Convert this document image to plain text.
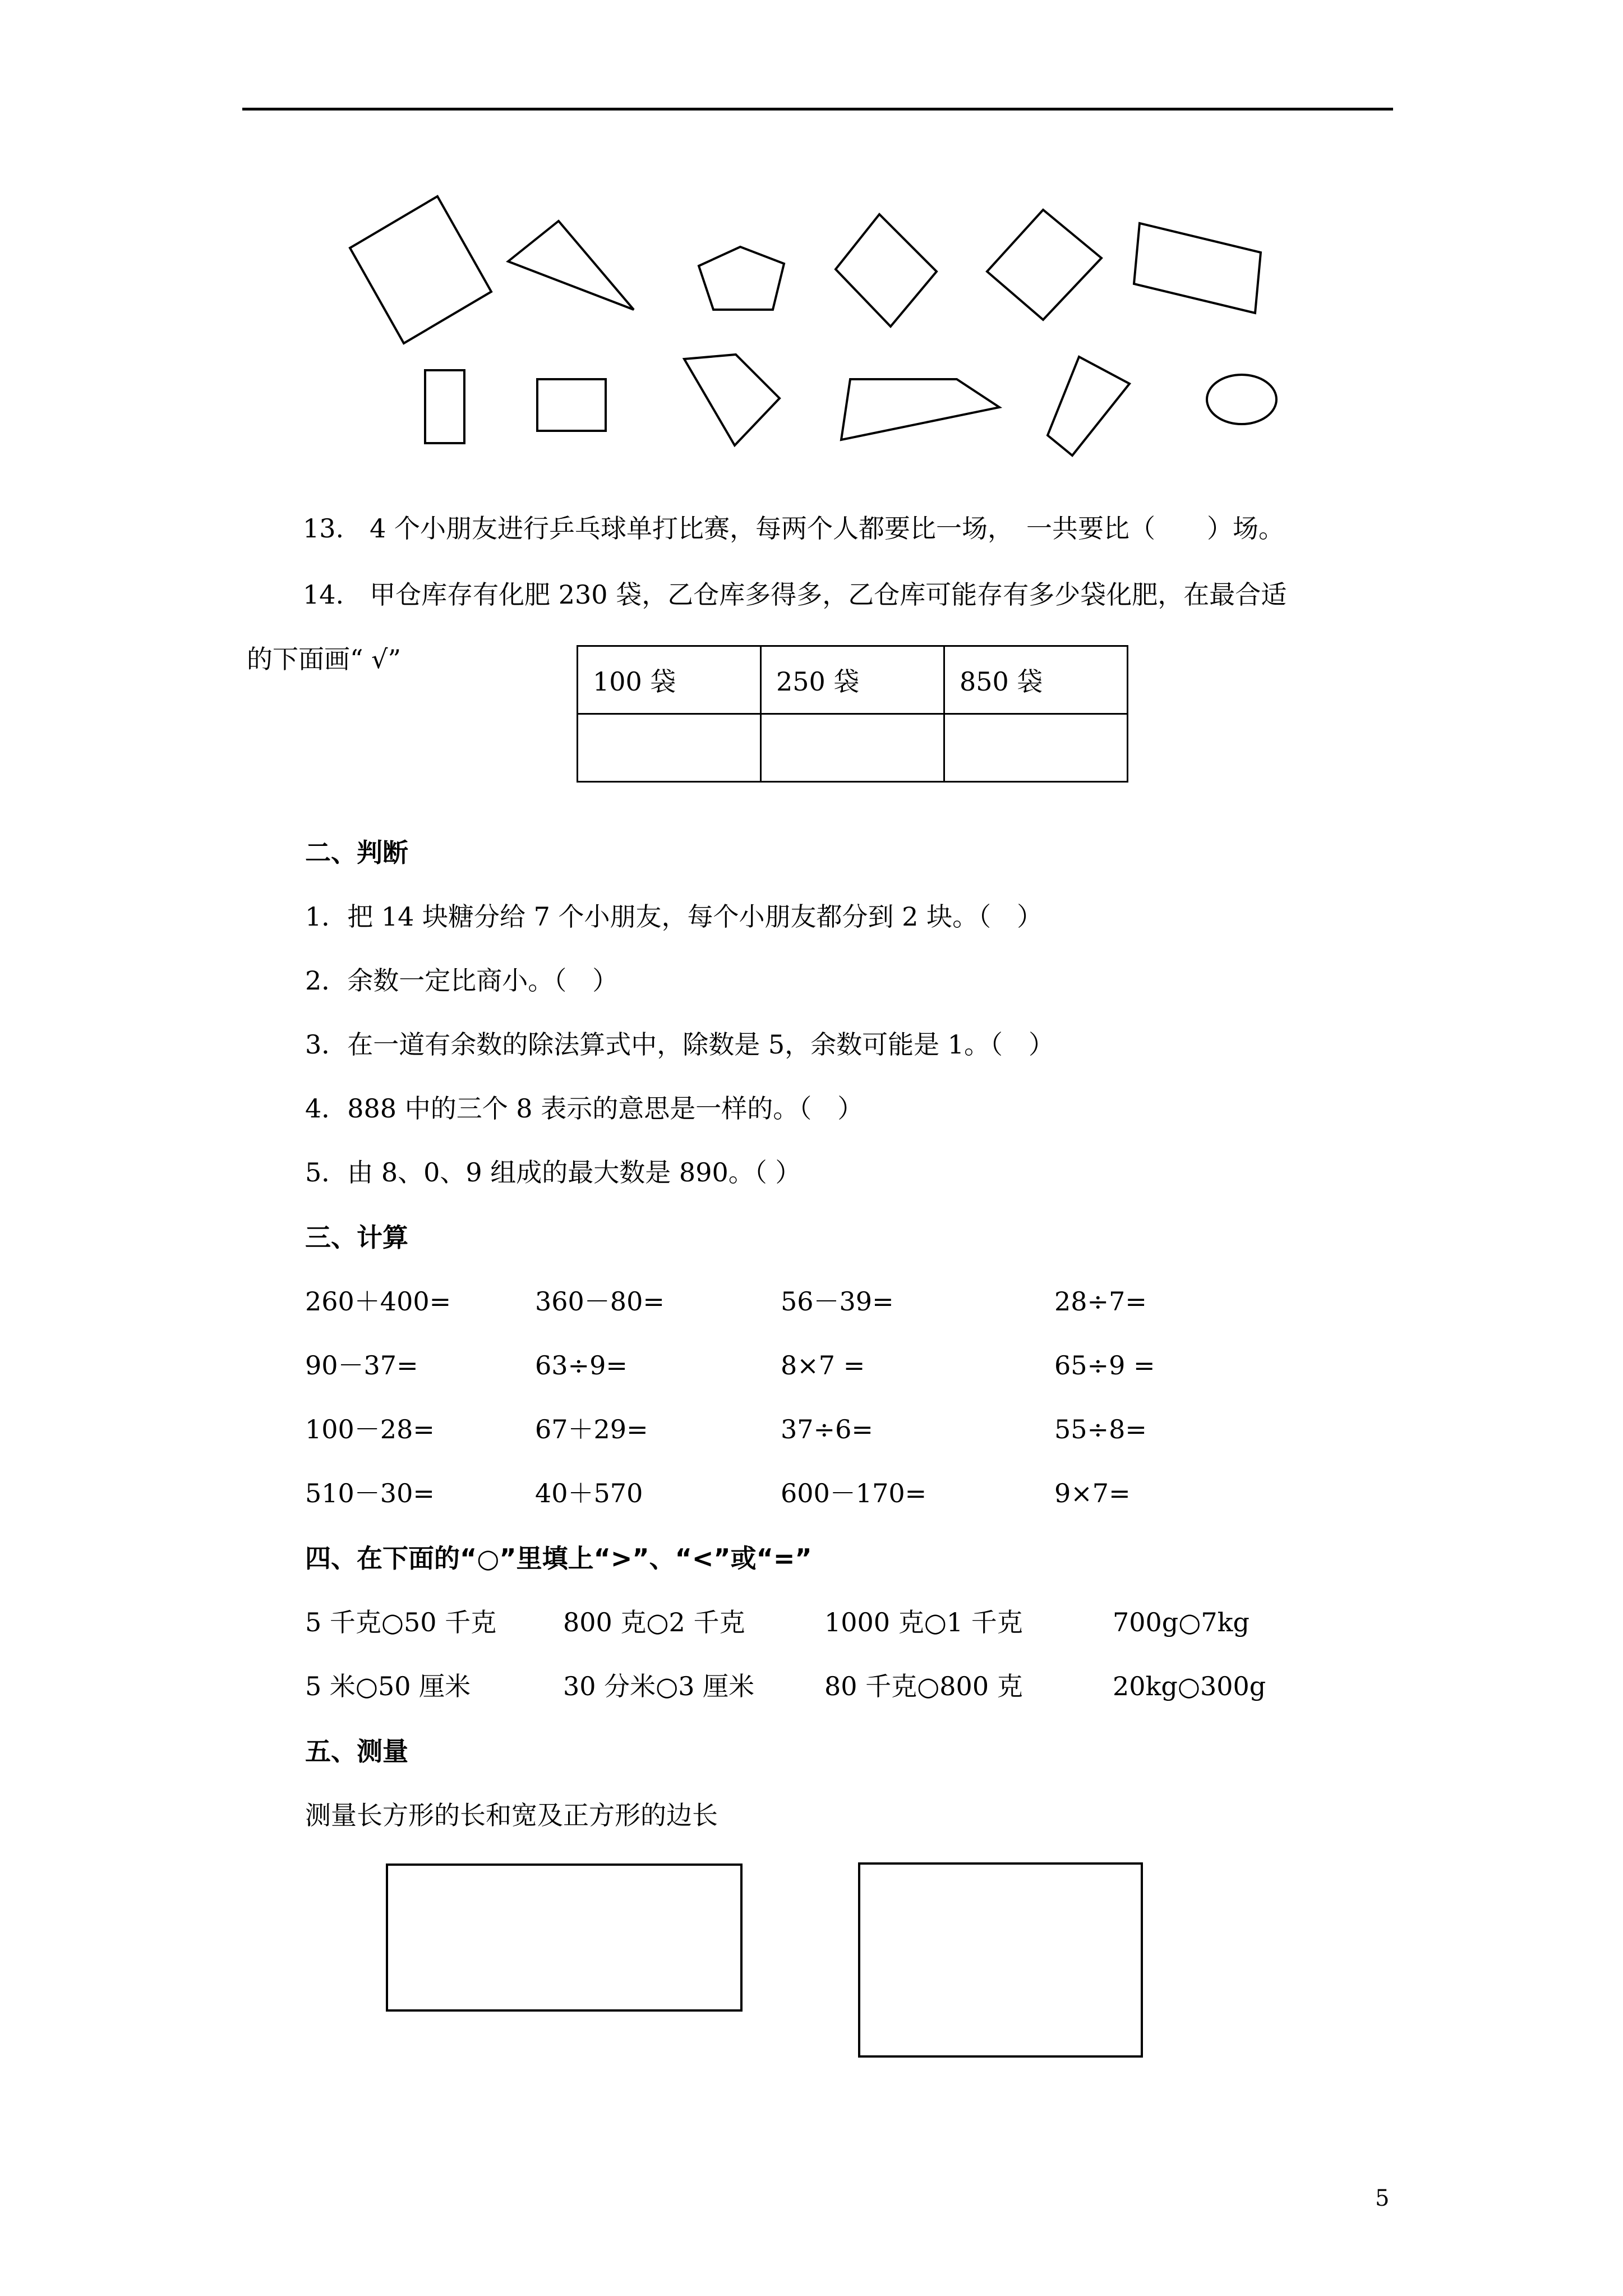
13.　4 个小朋友进行乒乓球单打比赛，每两个人都要比一场，　一共要比（　　）场。
14.　甲仓库存有化肥 230 袋，乙仓库多得多，乙仓库可能存有多少袋化肥，在最合适
的下面画“ √”
100 袋	250 袋	850 袋

二、判断
1．把 14 块糖分给 7 个小朋友，每个小朋友都分到 2 块。（　）
2．余数一定比商小。（　）
3．在一道有余数的除法算式中，除数是 5，余数可能是 1。（　）
4．888 中的三个 8 表示的意思是一样的。（　）
5．由 8、0、9 组成的最大数是 890。（ ）
三、计算
260＋400=	360－80=	56－39=	28÷7=
90－37=	63÷9=	8×7 =	65÷9 =
100－28=	67＋29=	37÷6=	55÷8=
510－30=	40＋570	600－170=	9×7=
四、在下面的“○”里填上“>”、“<”或“=”
5 千克○50 千克	800 克○2 千克	1000 克○1 千克	700g○7kg
5 米○50 厘米	30 分米○3 厘米	80 千克○800 克	20kg○300g
五、测量
测量长方形的长和宽及正方形的边长
5
